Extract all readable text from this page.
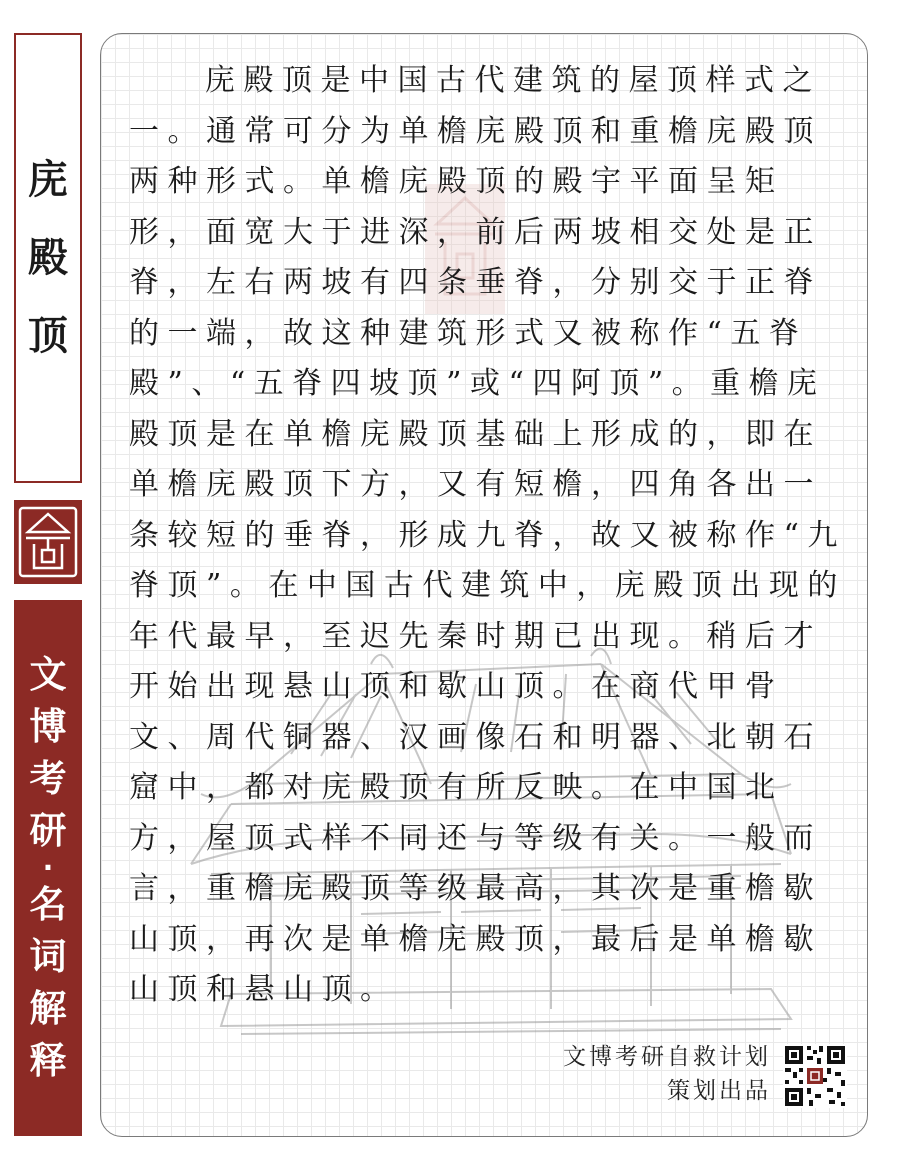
庑
殿
顶
文
博
考
研
·
名
词
解
释

庑殿顶是中国古代建筑的屋顶样式之一。通常可分为单檐庑殿顶和重檐庑殿顶两种形式。单檐庑殿顶的殿宇平面呈矩形，面宽大于进深，前后两坡相交处是正脊，左右两坡有四条垂脊，分别交于正脊的一端，故这种建筑形式又被称作“五脊殿”、“五脊四坡顶”或“四阿顶”。重檐庑殿顶是在单檐庑殿顶基础上形成的，即在单檐庑殿顶下方，又有短檐，四角各出一条较短的垂脊，形成九脊，故又被称作“九脊顶”。在中国古代建筑中，庑殿顶出现的年代最早，至迟先秦时期已出现。稍后才开始出现悬山顶和歇山顶。在商代甲骨文、周代铜器、汉画像石和明器、北朝石窟中，都对庑殿顶有所反映。在中国北方，屋顶式样不同还与等级有关。一般而言，重檐庑殿顶等级最高，其次是重檐歇山顶，再次是单檐庑殿顶，最后是单檐歇山顶和悬山顶。

文博考研自救计划
策划出品
